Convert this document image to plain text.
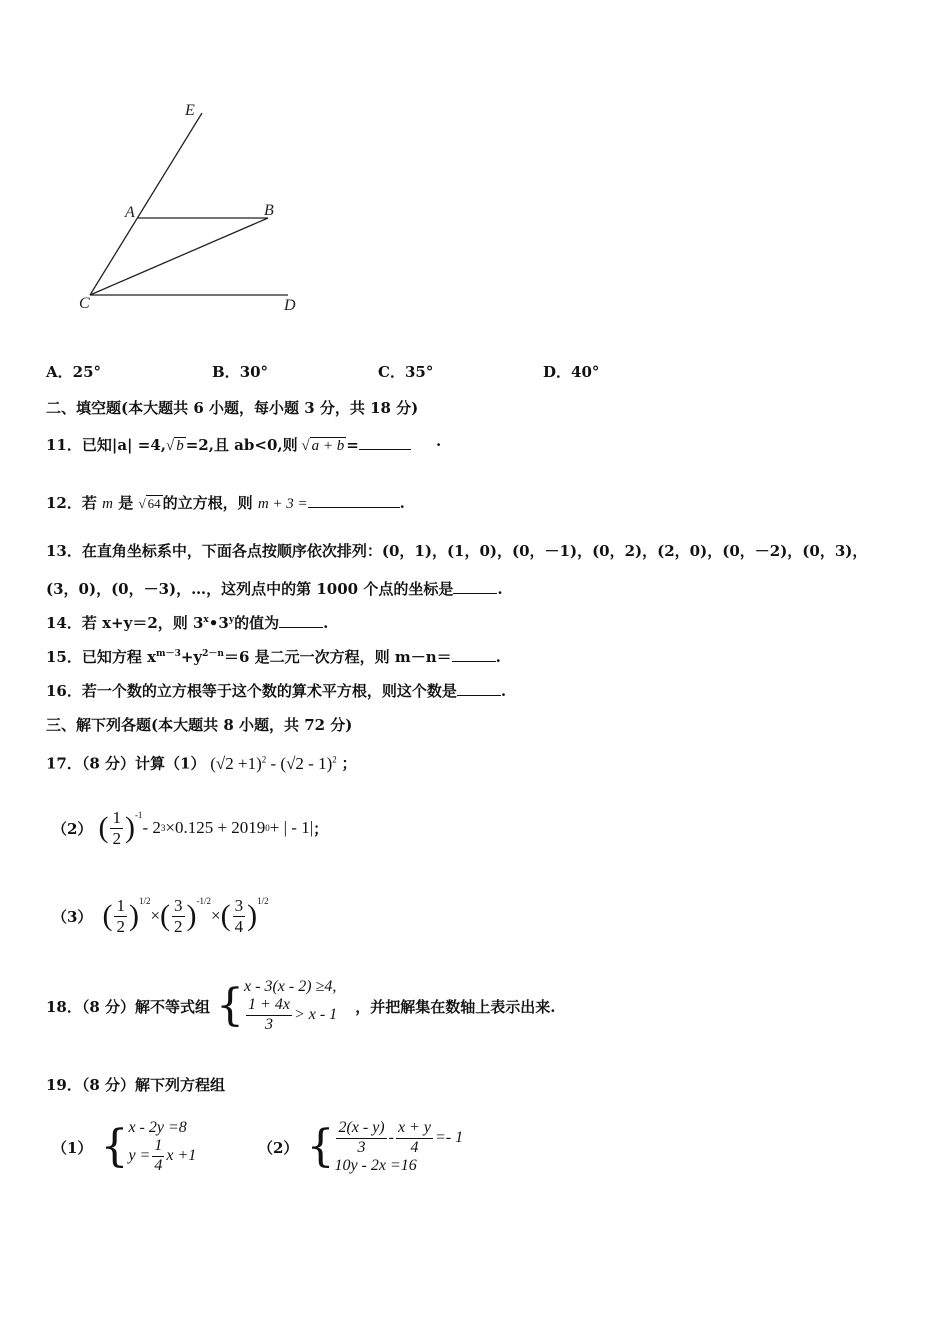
E
A	B
C	D
A．25°	B．30°	C．35°	D．40°
二、填空题(本大题共 6 小题，每小题 3 分，共 18 分)
11．已知|a| =4,√ b =2,且 ab<0,则 √ a + b =	·
12．若 m 是 √ 64 的立方根，则 m + 3 =	.
13．在直角坐标系中，下面各点按顺序依次排列：(0，1)，(1，0)，(0，－1)，(0，2)，(2，0)，(0，－2)，(0，3)，
(3，0)，(0，－3)，…，这列点中的第 1000 个点的坐标是	.
14．若 x+y＝2，则 3$^x$•3$^y$的值为	.
15．已知方程 $x^{m-3}+y^{2-n}=6$ 是二元一次方程，则 m－n＝	.
16．若一个数的立方根等于这个数的算术平方根，则这个数是	.
三、解下列各题(本大题共 8 小题，共 72 分)
17．（8 分）计算（1） $(√2 +1)^2 - (√2 - 1)^2$ ；
（2） ( $\frac{1}{2} )^{-1}$
- 2 3 ×0.125 + 2019 0 + | - 1| ；
（3） ( $\frac{1}{2} )^{1/2}$
× ( $\frac{3}{2} )^{-1/2}$
× ( $\frac{3}{4} )^{1/2}$
18．（8 分）解不等式组 { x - 3(x - 2) ≥4,
$\frac{1 + 4x}{3} > x - 1$ ，并把解集在数轴上表示出来.
19．（8 分）解下列方程组
（1） { x - 2y =8
$y = \frac{1}{4}$ x +1	（2） { $\frac{2(x - y)}{3} - \frac{x + y}{4} =- 1$
10y - 2x =16
